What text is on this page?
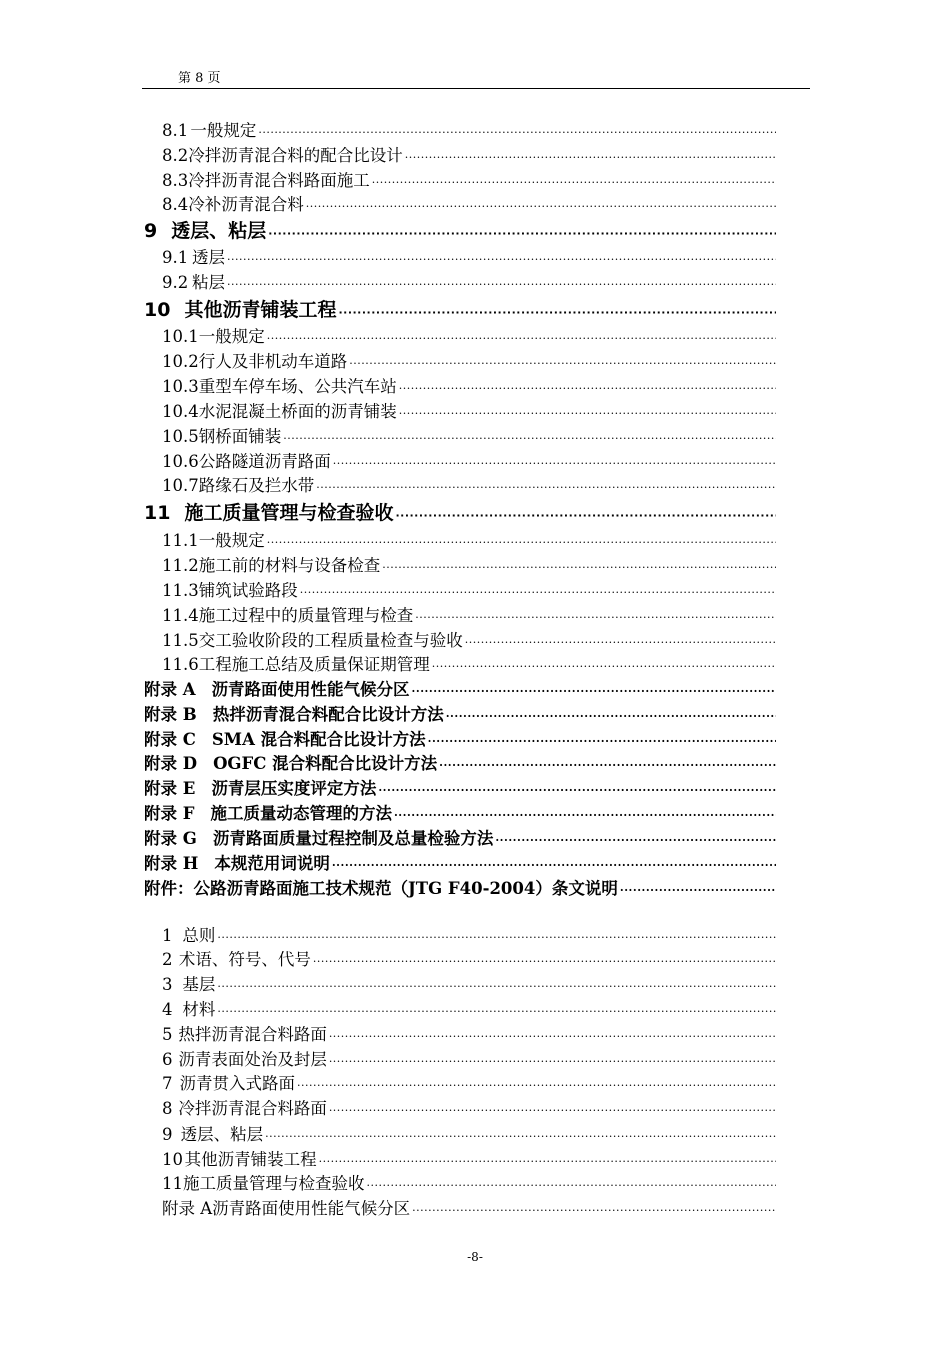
第 8 页
8.1 一般规定
·····
8.2 冷拌沥青混合料的配合比设计
·····
8.3 冷拌沥青混合料路面施工
·····
8.4 冷补沥青混合料
·····
9 透层、粘层
·····
9.1 透层
·····
9.2 粘层
·····
10 其他沥青铺装工程
·····
10.1 一般规定
·····
10.2 行人及非机动车道路
·····
10.3 重型车停车场、公共汽车站
·····
10.4 水泥混凝土桥面的沥青铺装
·····
10.5 钢桥面铺装
·····
10.6 公路隧道沥青路面
·····
10.7 路缘石及拦水带
·····
11 施工质量管理与检查验收
·····
11.1 一般规定
·····
11.2 施工前的材料与设备检查
·····
11.3 铺筑试验路段
·····
11.4 施工过程中的质量管理与检查
·····
11.5 交工验收阶段的工程质量检查与验收
·····
11.6 工程施工总结及质量保证期管理
·····
附录 A 沥青路面使用性能气候分区
·····
附录 B 热拌沥青混合料配合比设计方法
·····
附录 C SMA 混合料配合比设计方法
·····
附录 D OGFC 混合料配合比设计方法
·····
附录 E 沥青层压实度评定方法
·····
附录 F 施工质量动态管理的方法
·····
附录 G 沥青路面质量过程控制及总量检验方法
·····
附录 H 本规范用词说明
·····
附件：公路沥青路面施工技术规范（JTG F40-2004）条文说明
·····
1 总则
·····
2 术语、符号、代号
·····
3 基层
·····
4 材料
·····
5 热拌沥青混合料路面
·····
6 沥青表面处治及封层
·····
7 沥青贯入式路面
·····
8 冷拌沥青混合料路面
·····
9 透层、粘层
·····
10 其他沥青铺装工程
·····
11 施工质量管理与检查验收
·····
附录 A 沥青路面使用性能气候分区
·····
-8-
